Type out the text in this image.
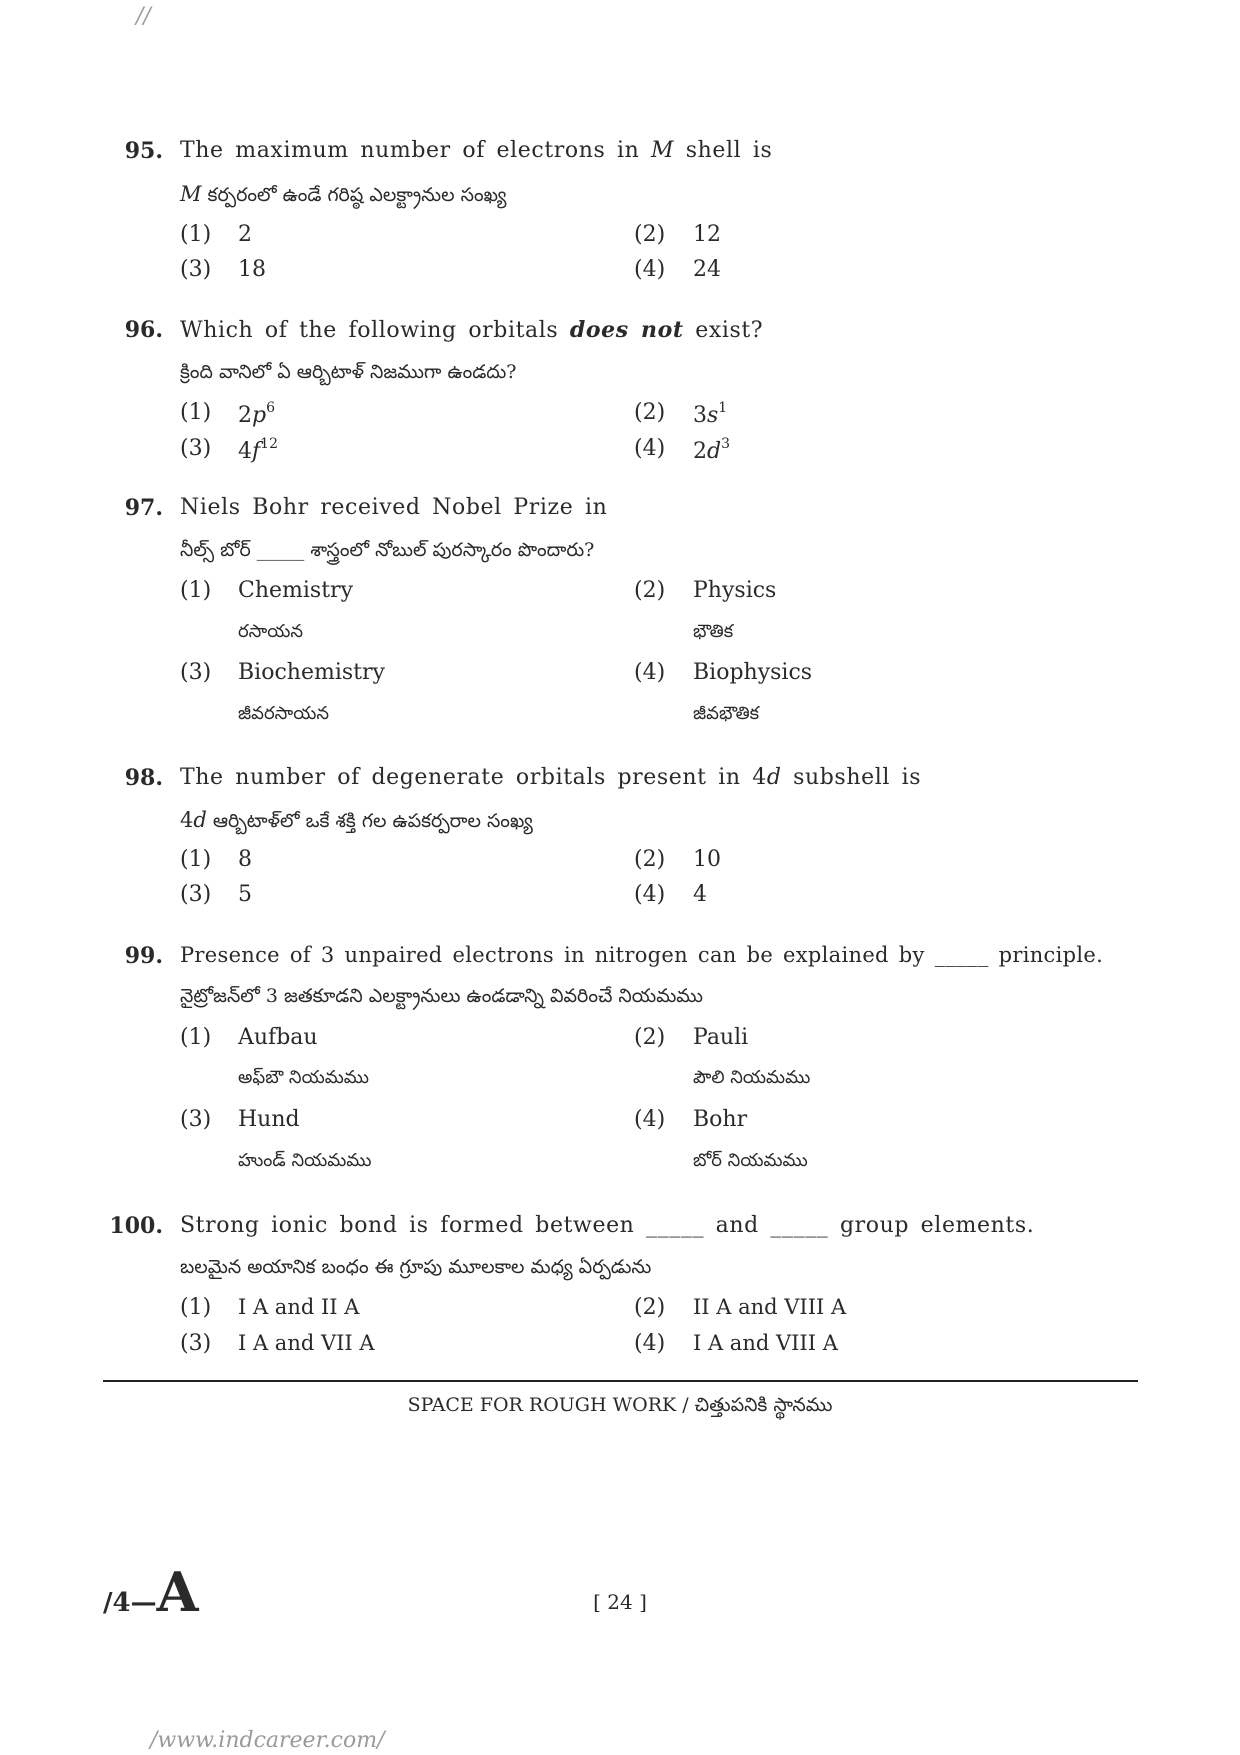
//
95. The maximum number of electrons in M shell is
M కర్పరంలో ఉండే గరిష్ఠ ఎలక్ట్రానుల సంఖ్య
(1) 2	(2) 12
(3) 18	(4) 24
96. Which of the following orbitals does not exist?
క్రింది వానిలో ఏ ఆర్బిటాళ్ నిజముగా ఉండదు?
(1) $2p^6$	(2) $3s^1$
(3) $4f^{12}$	(4) $2d^3$
97. Niels Bohr received Nobel Prize in
నీల్స్ బోర్ _____ శాస్త్రంలో నోబుల్ పురస్కారం పొందారు?
(1) Chemistry
రసాయన
(2) Physics
భౌతిక
(3) Biochemistry
జీవరసాయన
(4) Biophysics
జీవభౌతిక
98. The number of degenerate orbitals present in 4d subshell is
4d ఆర్బిటాళ్‌లో ఒకే శక్తి గల ఉపకర్పరాల సంఖ్య
(1) 8	(2) 10
(3) 5	(4) 4
99. Presence of 3 unpaired electrons in nitrogen can be explained by _____ principle.
నైట్రోజన్‌లో 3 జతకూడని ఎలక్ట్రానులు ఉండడాన్ని వివరించే నియమము
(1) Aufbau
అఫ్‌బౌ నియమము
(2) Pauli
పౌలి నియమము
(3) Hund
హుండ్ నియమము
(4) Bohr
బోర్ నియమము
100. Strong ionic bond is formed between _____ and _____ group elements.
బలమైన అయానిక బంధం ఈ గ్రూపు మూలకాల మధ్య ఏర్పడును
(1) I A and II A	(2) II A and VIII A
(3) I A and VII A	(4) I A and VIII A
SPACE FOR ROUGH WORK / చిత్తుపనికి స్థానము
/4—A	[ 24 ]
/www.indcareer.com/
